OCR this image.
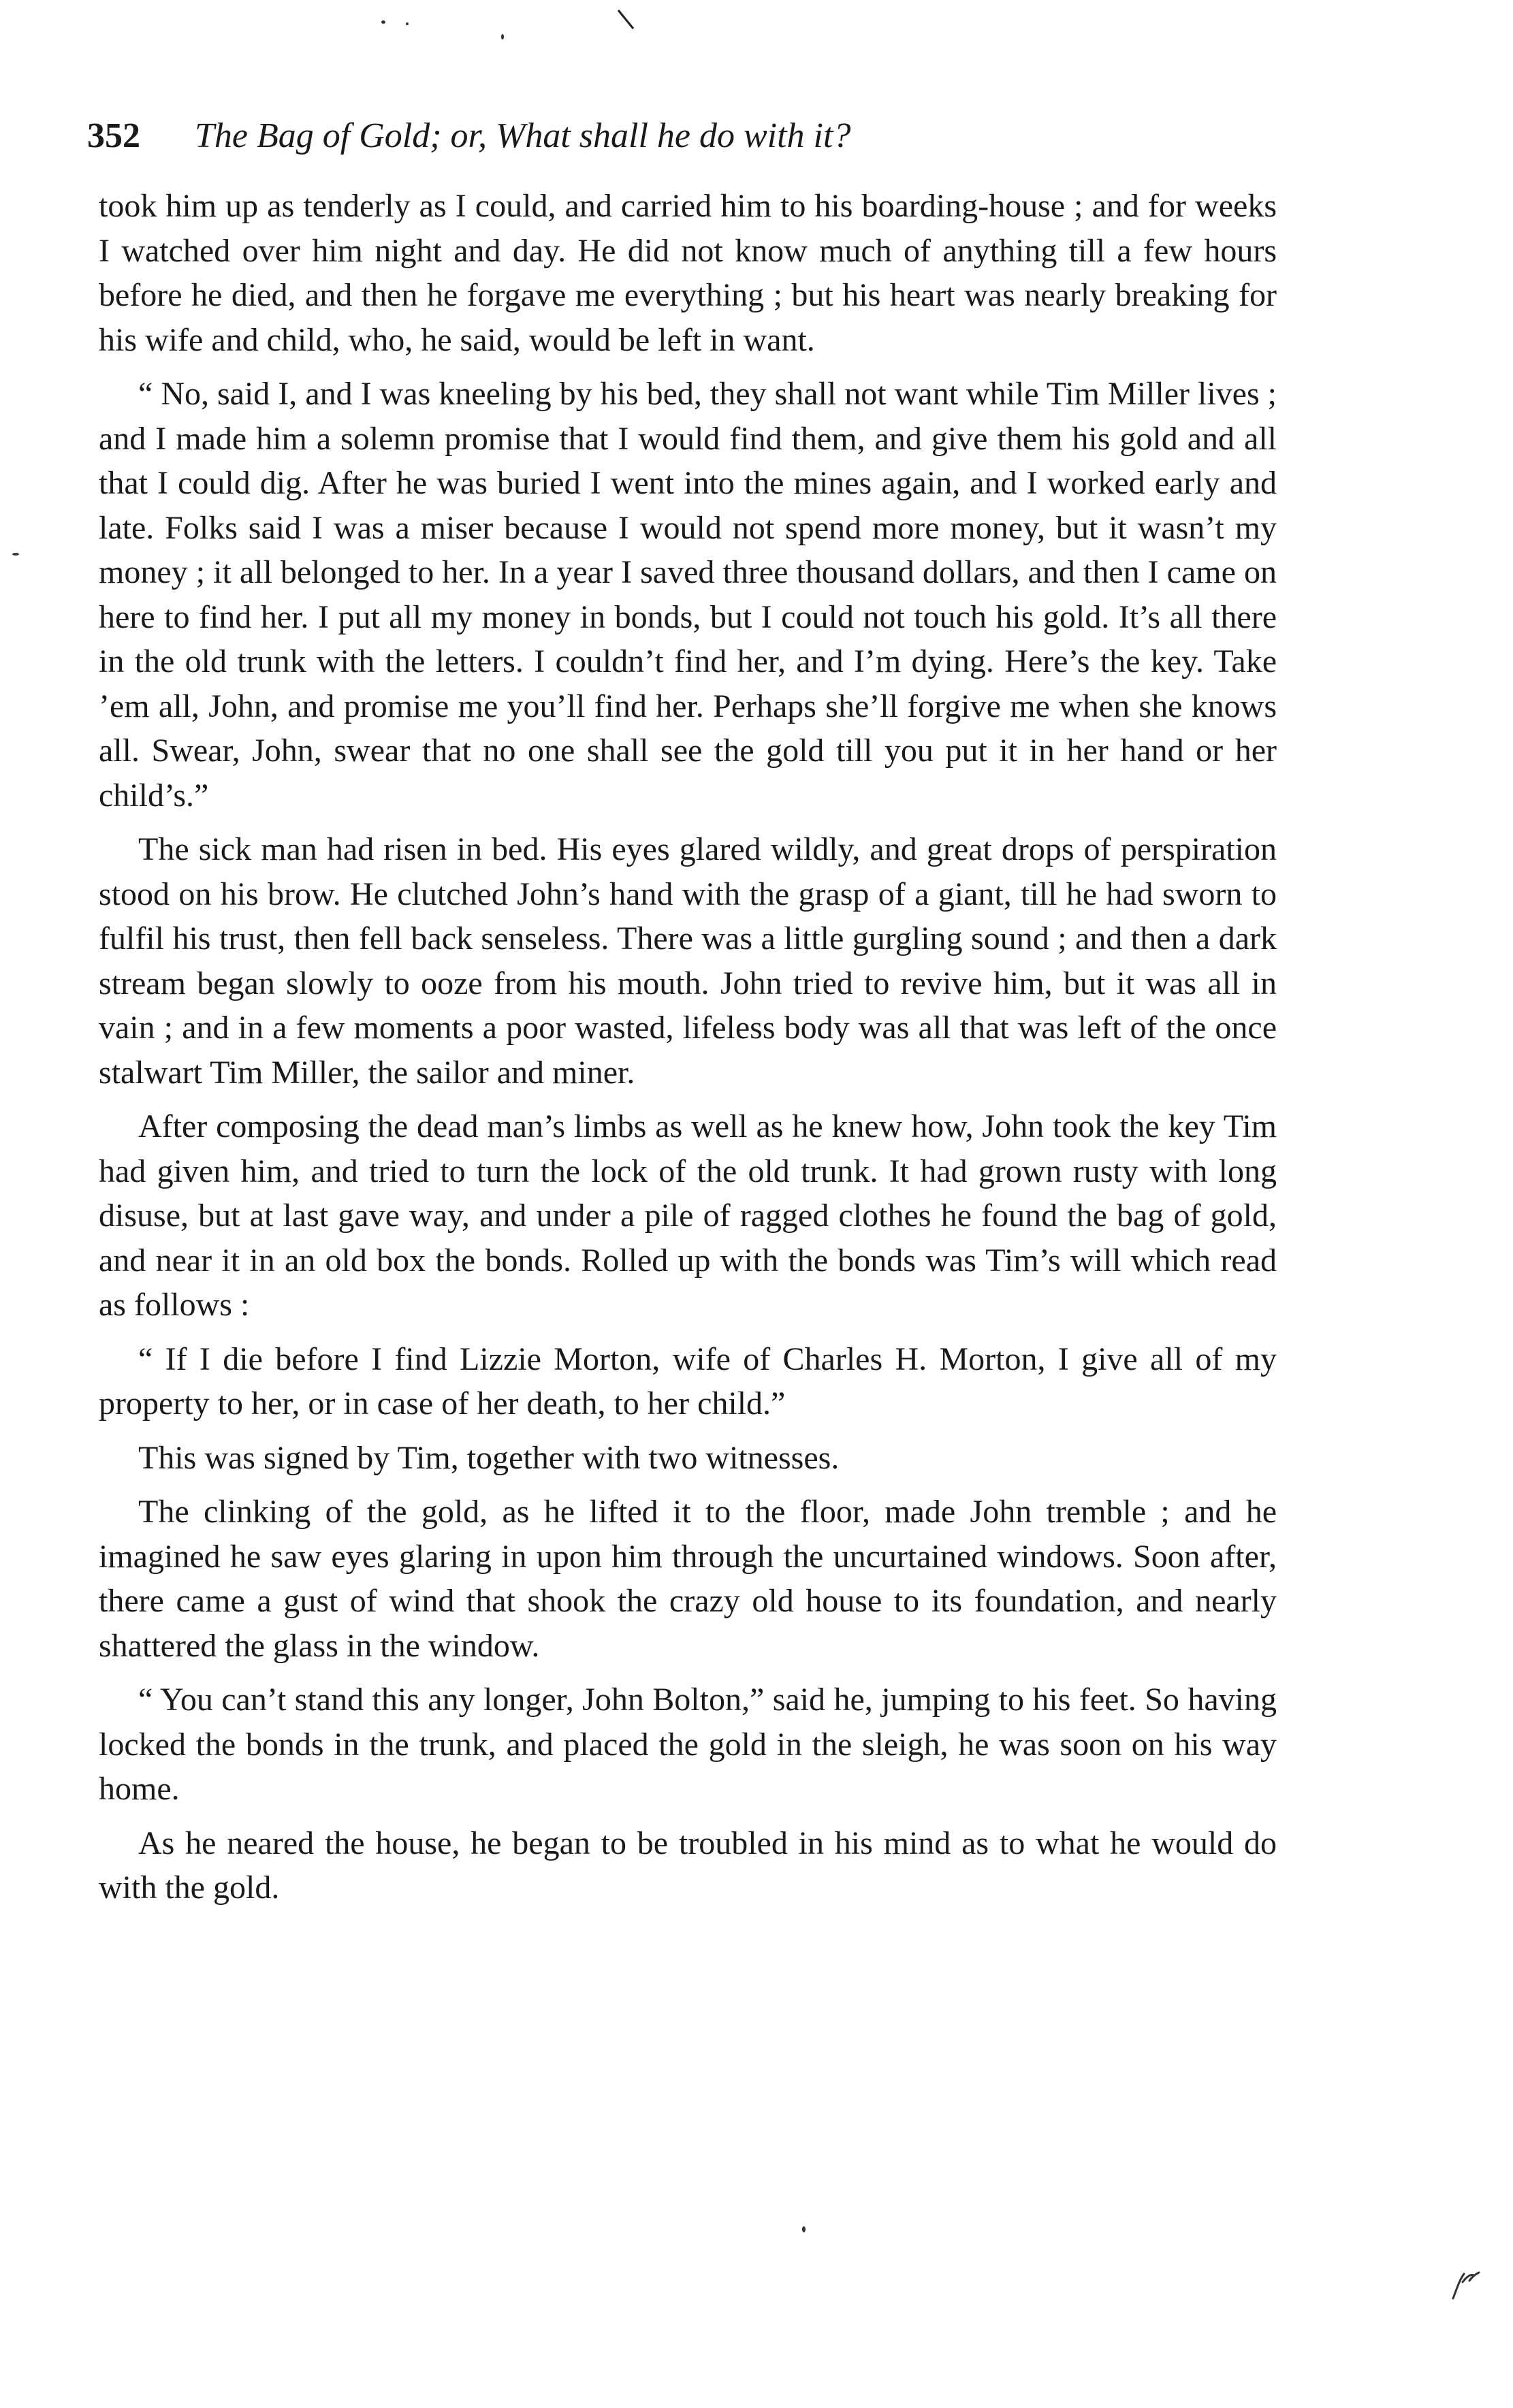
352 The Bag of Gold; or, What shall he do with it?

took him up as tenderly as I could, and carried him to his boarding-house ; and for weeks I watched over him night and day. He did not know much of anything till a few hours before he died, and then he forgave me everything ; but his heart was nearly breaking for his wife and child, who, he said, would be left in want.

“ No, said I, and I was kneeling by his bed, they shall not want while Tim Miller lives ; and I made him a solemn promise that I would find them, and give them his gold and all that I could dig. After he was buried I went into the mines again, and I worked early and late. Folks said I was a miser because I would not spend more money, but it wasn’t my money ; it all belonged to her. In a year I saved three thousand dollars, and then I came on here to find her. I put all my money in bonds, but I could not touch his gold. It’s all there in the old trunk with the letters. I couldn’t find her, and I’m dying. Here’s the key. Take ’em all, John, and promise me you’ll find her. Perhaps she’ll forgive me when she knows all. Swear, John, swear that no one shall see the gold till you put it in her hand or her child’s.”

The sick man had risen in bed. His eyes glared wildly, and great drops of perspiration stood on his brow. He clutched John’s hand with the grasp of a giant, till he had sworn to fulfil his trust, then fell back senseless. There was a little gurgling sound ; and then a dark stream began slowly to ooze from his mouth. John tried to revive him, but it was all in vain ; and in a few moments a poor wasted, lifeless body was all that was left of the once stalwart Tim Miller, the sailor and miner.

After composing the dead man’s limbs as well as he knew how, John took the key Tim had given him, and tried to turn the lock of the old trunk. It had grown rusty with long disuse, but at last gave way, and under a pile of ragged clothes he found the bag of gold, and near it in an old box the bonds. Rolled up with the bonds was Tim’s will which read as follows :

“ If I die before I find Lizzie Morton, wife of Charles H. Morton, I give all of my property to her, or in case of her death, to her child.”

This was signed by Tim, together with two witnesses.

The clinking of the gold, as he lifted it to the floor, made John tremble ; and he imagined he saw eyes glaring in upon him through the uncurtained windows. Soon after, there came a gust of wind that shook the crazy old house to its foundation, and nearly shattered the glass in the window.

“ You can’t stand this any longer, John Bolton,” said he, jumping to his feet. So having locked the bonds in the trunk, and placed the gold in the sleigh, he was soon on his way home.

As he neared the house, he began to be troubled in his mind as to what he would do with the gold.
